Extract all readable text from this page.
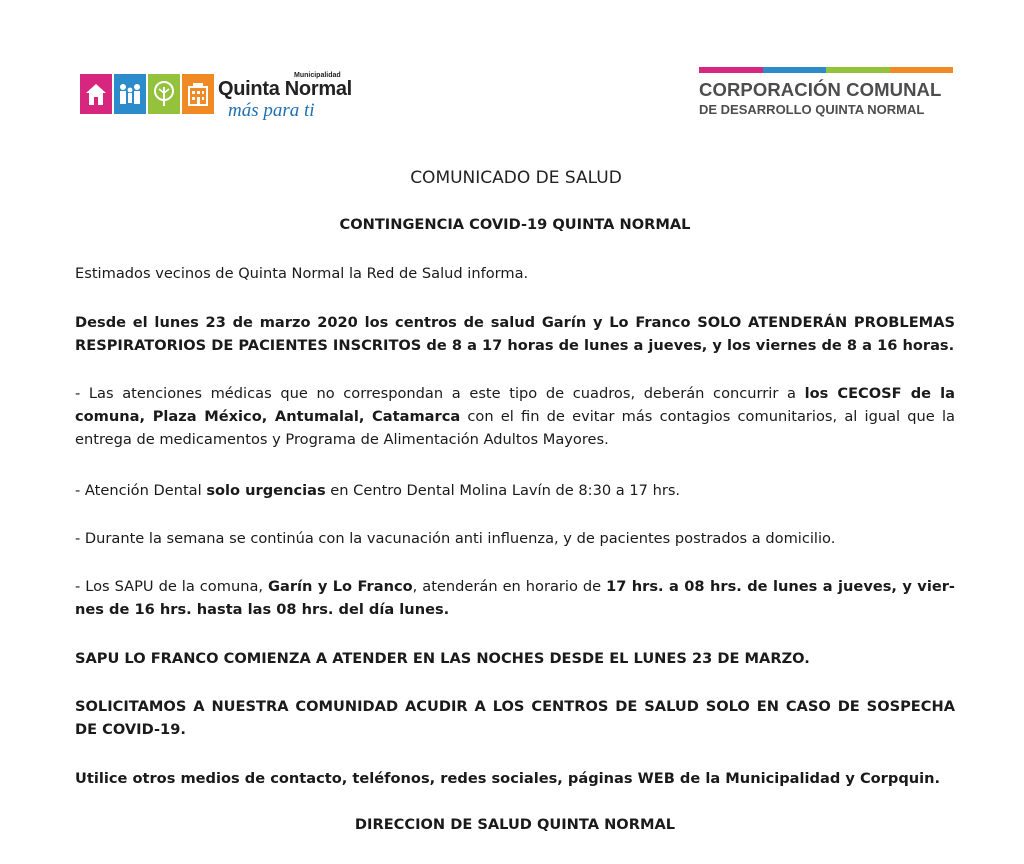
Municipalidad
Quinta Normal
más para ti
CORPORACIÓN COMUNAL
DE DESARROLLO QUINTA NORMAL
COMUNICADO DE SALUD
CONTINGENCIA COVID-19 QUINTA NORMAL

Estimados vecinos de Quinta Normal la Red de Salud informa.

Desde el lunes 23 de marzo 2020 los centros de salud Garín y Lo Franco SOLO ATENDERÁN PROBLEMAS RESPIRATORIOS DE PACIENTES INSCRITOS de 8 a 17 horas de lunes a jueves, y los viernes de 8 a 16 horas.

- Las atenciones médicas que no correspondan a este tipo de cuadros, deberán concurrir a los CECOSF de la comuna, Plaza México, Antumalal, Catamarca con el fin de evitar más contagios comunitarios, al igual que la entrega de medicamentos y Programa de Alimentación Adultos Mayores.

- Atención Dental solo urgencias en Centro Dental Molina Lavín de 8:30 a 17 hrs.

- Durante la semana se continúa con la vacunación anti influenza, y de pacientes postrados a domicilio.

- Los SAPU de la comuna, Garín y Lo Franco, atenderán en horario de 17 hrs. a 08 hrs. de lunes a jueves, y viernes de 16 hrs. hasta las 08 hrs. del día lunes.

SAPU LO FRANCO COMIENZA A ATENDER EN LAS NOCHES DESDE EL LUNES 23 DE MARZO.

SOLICITAMOS A NUESTRA COMUNIDAD ACUDIR A LOS CENTROS DE SALUD SOLO EN CASO DE SOSPECHA DE COVID-19.

Utilice otros medios de contacto, teléfonos, redes sociales, páginas WEB de la Municipalidad y Corpquin.

DIRECCION DE SALUD QUINTA NORMAL
